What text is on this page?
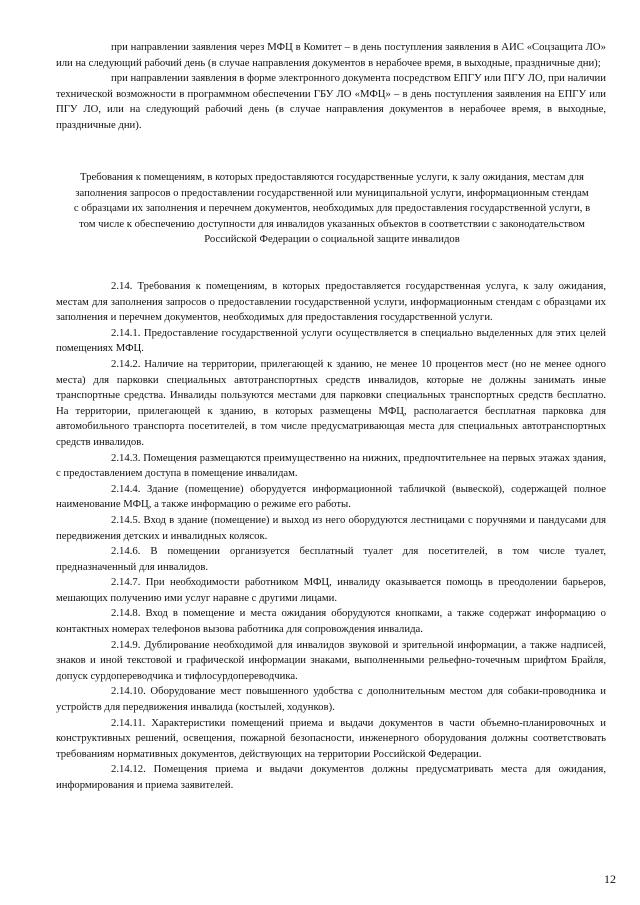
при направлении заявления через МФЦ в Комитет – в день поступления заявления в АИС «Соцзащита ЛО» или на следующий рабочий день (в случае направления документов в нерабочее время, в выходные, праздничные дни);

при направлении заявления в форме электронного документа посредством ЕПГУ или ПГУ ЛО, при наличии технической возможности в программном обеспечении ГБУ ЛО «МФЦ» – в день поступления заявления на ЕПГУ или ПГУ ЛО, или на следующий рабочий день (в случае направления документов в нерабочее время, в выходные, праздничные дни).

Требования к помещениям, в которых предоставляются государственные услуги, к залу ожидания, местам для заполнения запросов о предоставлении государственной или муниципальной услуги, информационным стендам с образцами их заполнения и перечнем документов, необходимых для предоставления государственной услуги, в том числе к обеспечению доступности для инвалидов указанных объектов в соответствии с законодательством Российской Федерации о социальной защите инвалидов

2.14. Требования к помещениям, в которых предоставляется государственная услуга, к залу ожидания, местам для заполнения запросов о предоставлении государственной услуги, информационным стендам с образцами их заполнения и перечнем документов, необходимых для предоставления государственной услуги.

2.14.1. Предоставление государственной услуги осуществляется в специально выделенных для этих целей помещениях МФЦ.

2.14.2. Наличие на территории, прилегающей к зданию, не менее 10 процентов мест (но не менее одного места) для парковки специальных автотранспортных средств инвалидов, которые не должны занимать иные транспортные средства. Инвалиды пользуются местами для парковки специальных транспортных средств бесплатно. На территории, прилегающей к зданию, в которых размещены МФЦ, располагается бесплатная парковка для автомобильного транспорта посетителей, в том числе предусматривающая места для специальных автотранспортных средств инвалидов.

2.14.3. Помещения размещаются преимущественно на нижних, предпочтительнее на первых этажах здания, с предоставлением доступа в помещение инвалидам.

2.14.4. Здание (помещение) оборудуется информационной табличкой (вывеской), содержащей полное наименование МФЦ, а также информацию о режиме его работы.

2.14.5. Вход в здание (помещение) и выход из него оборудуются лестницами с поручнями и пандусами для передвижения детских и инвалидных колясок.

2.14.6. В помещении организуется бесплатный туалет для посетителей, в том числе туалет, предназначенный для инвалидов.

2.14.7. При необходимости работником МФЦ, инвалиду оказывается помощь в преодолении барьеров, мешающих получению ими услуг наравне с другими лицами.

2.14.8. Вход в помещение и места ожидания оборудуются кнопками, а также содержат информацию о контактных номерах телефонов вызова работника для сопровождения инвалида.

2.14.9. Дублирование необходимой для инвалидов звуковой и зрительной информации, а также надписей, знаков и иной текстовой и графической информации знаками, выполненными рельефно-точечным шрифтом Брайля, допуск сурдопереводчика и тифлосурдопереводчика.

2.14.10. Оборудование мест повышенного удобства с дополнительным местом для собаки-проводника и устройств для передвижения инвалида (костылей, ходунков).

2.14.11. Характеристики помещений приема и выдачи документов в части объемно-планировочных и конструктивных решений, освещения, пожарной безопасности, инженерного оборудования должны соответствовать требованиям нормативных документов, действующих на территории Российской Федерации.

2.14.12. Помещения приема и выдачи документов должны предусматривать места для ожидания, информирования и приема заявителей.

12
